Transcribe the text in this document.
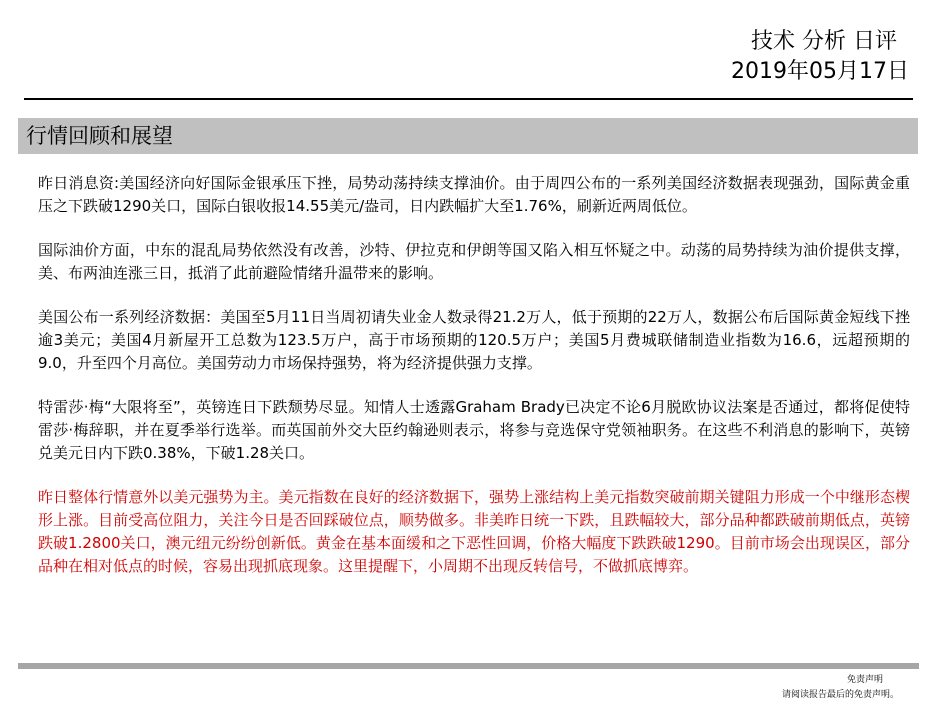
技术 分析 日评
2019年05月17日
行情回顾和展望

昨日消息资:美国经济向好国际金银承压下挫，局势动荡持续支撑油价。由于周四公布的一系列美国经济数据表现强劲，国际黄金重压之下跌破1290关口，国际白银收报14.55美元/盎司，日内跌幅扩大至1.76%，刷新近两周低位。

国际油价方面，中东的混乱局势依然没有改善，沙特、伊拉克和伊朗等国又陷入相互怀疑之中。动荡的局势持续为油价提供支撑，美、布两油连涨三日，抵消了此前避险情绪升温带来的影响。

美国公布一系列经济数据：美国至5月11日当周初请失业金人数录得21.2万人，低于预期的22万人，数据公布后国际黄金短线下挫逾3美元；美国4月新屋开工总数为123.5万户，高于市场预期的120.5万户；美国5月费城联储制造业指数为16.6，远超预期的9.0，升至四个月高位。美国劳动力市场保持强势，将为经济提供强力支撑。

特雷莎·梅“大限将至”，英镑连日下跌颓势尽显。知情人士透露Graham Brady已决定不论6月脱欧协议法案是否通过，都将促使特雷莎·梅辞职，并在夏季举行选举。而英国前外交大臣约翰逊则表示，将参与竞选保守党领袖职务。在这些不利消息的影响下，英镑兑美元日内下跌0.38%，下破1.28关口。

昨日整体行情意外以美元强势为主。美元指数在良好的经济数据下，强势上涨结构上美元指数突破前期关键阻力形成一个中继形态楔形上涨。目前受高位阻力，关注今日是否回踩破位点，顺势做多。非美昨日统一下跌，且跌幅较大，部分品种都跌破前期低点，英镑跌破1.2800关口，澳元纽元纷纷创新低。黄金在基本面缓和之下恶性回调，价格大幅度下跌跌破1290。目前市场会出现误区，部分品种在相对低点的时候，容易出现抓底现象。这里提醒下，小周期不出现反转信号，不做抓底博弈。

免责声明
请阅读报告最后的免责声明。
